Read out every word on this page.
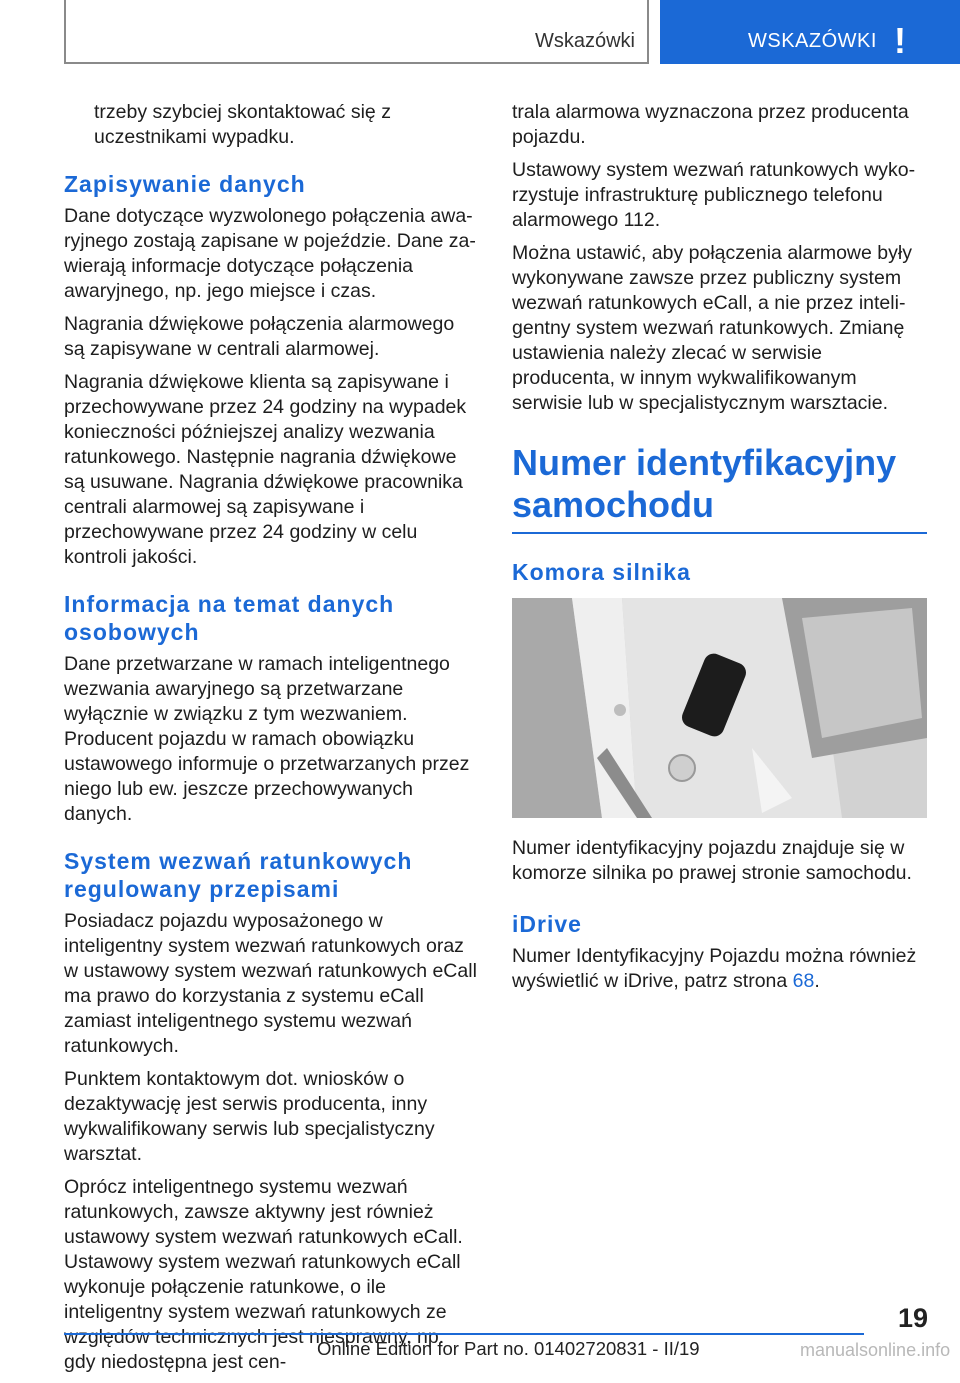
Wskazówki	WSKAZÓWKI !

trzeby szybciej skontaktować się z uczestnikami wypadku.

Zapisywanie danych

Dane dotyczące wyzwolonego połączenia awaryjnego zostają zapisane w pojeździe. Dane zawierają informacje dotyczące połączenia awaryjnego, np. jego miejsce i czas.

Nagrania dźwiękowe połączenia alarmowego są zapisywane w centrali alarmowej.

Nagrania dźwiękowe klienta są zapisywane i przechowywane przez 24 godziny na wypadek konieczności późniejszej analizy wezwania ratunkowego. Następnie nagrania dźwiękowe są usuwane. Nagrania dźwiękowe pracownika centrali alarmowej są zapisywane i przechowywane przez 24 godziny w celu kontroli jakości.

Informacja na temat danych osobowych

Dane przetwarzane w ramach inteligentnego wezwania awaryjnego są przetwarzane wyłącznie w związku z tym wezwaniem. Producent pojazdu w ramach obowiązku ustawowego informuje o przetwarzanych przez niego lub ew. jeszcze przechowywanych danych.

System wezwań ratunkowych regulowany przepisami

Posiadacz pojazdu wyposażonego w inteligentny system wezwań ratunkowych oraz w ustawowy system wezwań ratunkowych eCall ma prawo do korzystania z systemu eCall zamiast inteligentnego systemu wezwań ratunkowych.

Punktem kontaktowym dot. wniosków o dezaktywację jest serwis producenta, inny wykwalifikowany serwis lub specjalistyczny warsztat.

Oprócz inteligentnego systemu wezwań ratunkowych, zawsze aktywny jest również ustawowy system wezwań ratunkowych eCall. Ustawowy system wezwań ratunkowych eCall wykonuje połączenie ratunkowe, o ile inteligentny system wezwań ratunkowych ze względów technicznych jest niesprawny, np. gdy niedostępna jest cen-

trala alarmowa wyznaczona przez producenta pojazdu.

Ustawowy system wezwań ratunkowych wykorzystuje infrastrukturę publicznego telefonu alarmowego 112.

Można ustawić, aby połączenia alarmowe były wykonywane zawsze przez publiczny system wezwań ratunkowych eCall, a nie przez inteligentny system wezwań ratunkowych. Zmianę ustawienia należy zlecać w serwisie producenta, w innym wykwalifikowanym serwisie lub w specjalistycznym warsztacie.

Numer identyfikacyjny samochodu
Komora silnika

Numer identyfikacyjny pojazdu znajduje się w komorze silnika po prawej stronie samochodu.

iDrive

Numer Identyfikacyjny Pojazdu można również wyświetlić w iDrive, patrz strona 68.

19
Online Edition for Part no. 01402720831 - II/19	manualsonline.info
